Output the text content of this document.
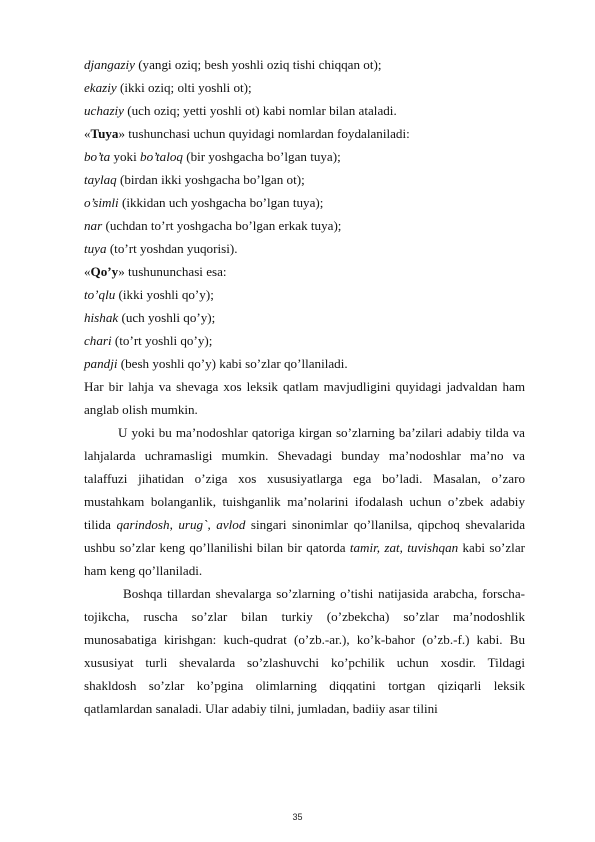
djangaziy (yangi oziq; besh yoshli oziq tishi chiqqan ot);
ekaziy (ikki oziq; olti yoshli ot);
uchaziy (uch oziq; yetti yoshli ot) kabi nomlar bilan ataladi.
«Tuya» tushunchasi uchun quyidagi nomlardan foydalaniladi:
bo’ta yoki bo’taloq (bir yoshgacha bo’lgan tuya);
taylaq (birdan ikki yoshgacha bo’lgan ot);
o’simli (ikkidan uch yoshgacha bo’lgan tuya);
nar (uchdan to’rt yoshgacha bo’lgan erkak tuya);
tuya (to’rt yoshdan yuqorisi).
«Qo’y» tushununchasi esa:
to’qlu (ikki yoshli qo’y);
hishak (uch yoshli qo’y);
chari (to’rt yoshli qo’y);
pandji (besh yoshli qo’y) kabi so’zlar qo’llaniladi.
Har bir lahja va shevaga xos leksik qatlam mavjudligini quyidagi jadvaldan ham
anglab olish mumkin.
U yoki bu ma’nodoshlar qatoriga kirgan so’zlarning ba’zilari adabiy tilda va
lahjalarda uchramasligi mumkin. Shevadagi bunday ma’nodoshlar ma’no va
talaffuzi jihatidan o’ziga xos xususiyatlarga ega bo’ladi. Masalan, o’zaro
mustahkam bolanganlik, tuishganlik ma’nolarini ifodalash uchun o’zbek adabiy
tilida qarindosh, urug`, avlod singari sinonimlar qo’llanilsa, qipchoq shevalarida
ushbu so’zlar keng qo’llanilishi bilan bir qatorda tamir, zat, tuvishqan kabi so’zlar
ham keng qo’llaniladi.
Boshqa tillardan shevalarga so’zlarning o’tishi natijasida arabcha, forscha-
tojikcha, ruscha so’zlar bilan turkiy (o’zbekcha) so’zlar ma’nodoshlik
munosabatiga kirishgan: kuch-qudrat (o’zb.-ar.), ko’k-bahor (o’zb.-f.) kabi. Bu
xususiyat turli shevalarda so’zlashuvchi ko’pchilik uchun xosdir. Tildagi
shakldosh so’zlar ko’pgina olimlarning diqqatini tortgan qiziqarli leksik
qatlamlardan sanaladi. Ular adabiy tilni, jumladan, badiiy asar tilini
35
